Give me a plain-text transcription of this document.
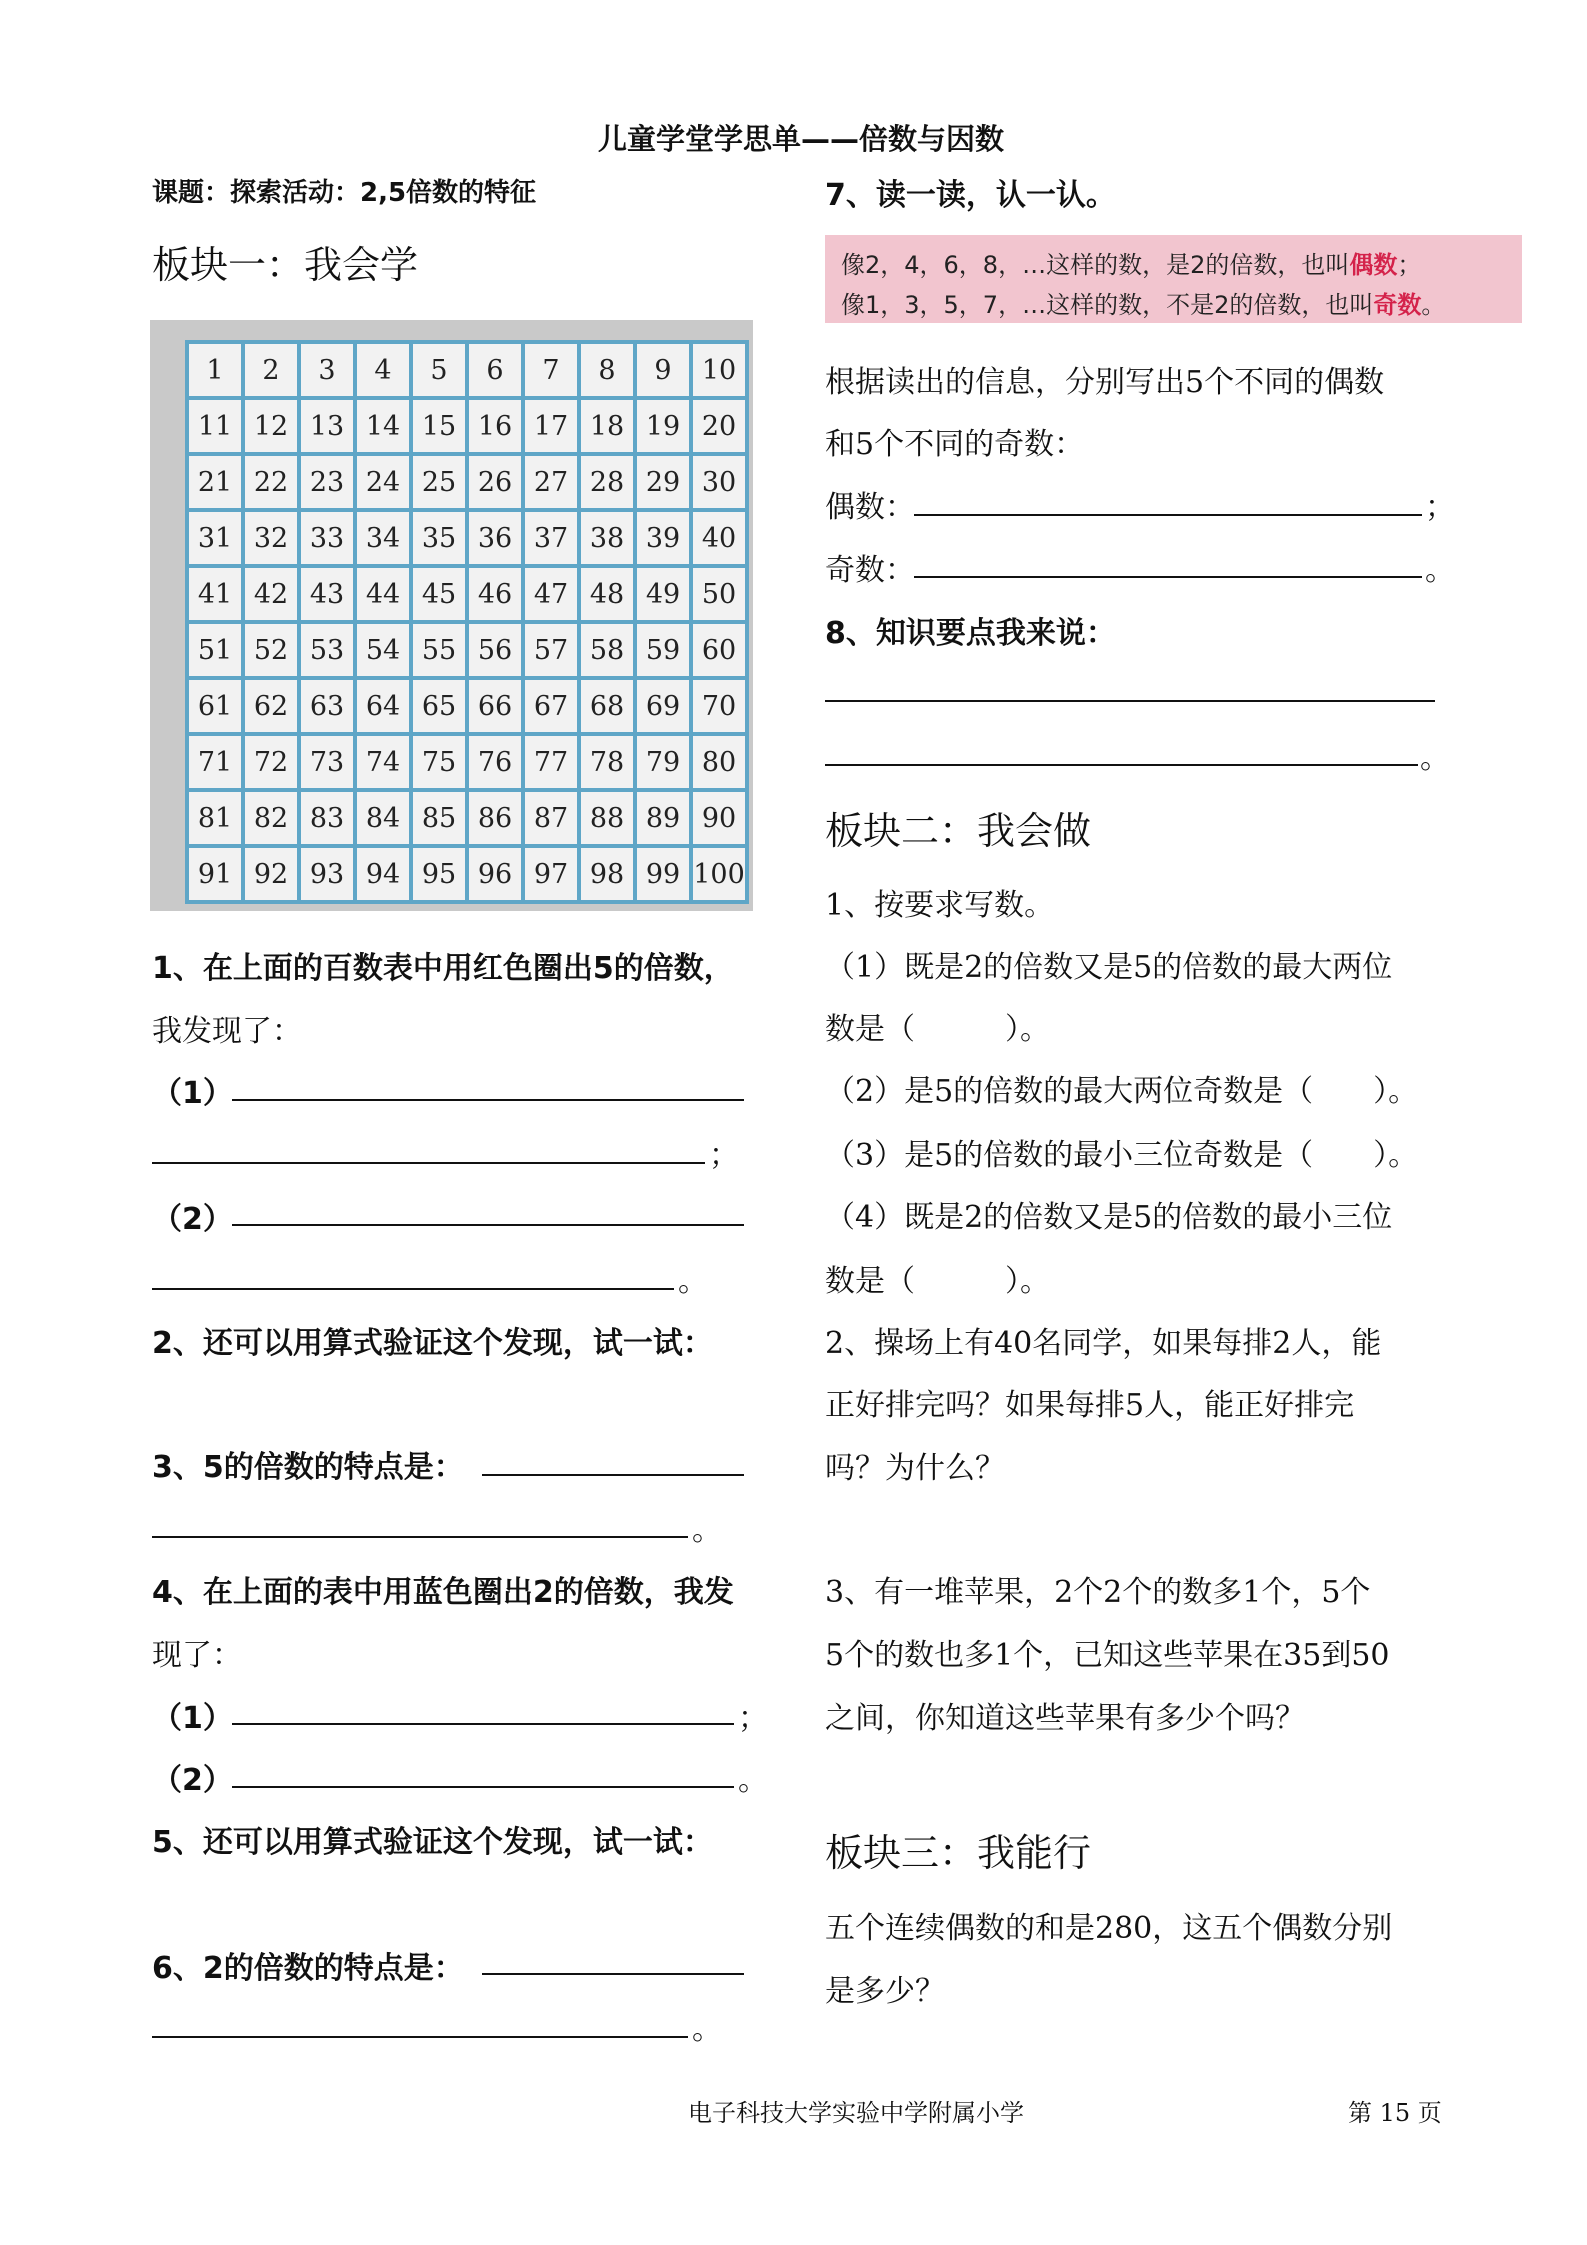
儿童学堂学思单——倍数与因数
课题：探索活动：2,5倍数的特征
板块一：我会学
1	2	3	4	5	6	7	8	9	10
11	12	13	14	15	16	17	18	19	20
21	22	23	24	25	26	27	28	29	30
31	32	33	34	35	36	37	38	39	40
41	42	43	44	45	46	47	48	49	50
51	52	53	54	55	56	57	58	59	60
61	62	63	64	65	66	67	68	69	70
71	72	73	74	75	76	77	78	79	80
81	82	83	84	85	86	87	88	89	90
91	92	93	94	95	96	97	98	99	100
1、在上面的百数表中用红色圈出5的倍数，
我发现了：
（1）
；
（2）
。
2、还可以用算式验证这个发现，试一试：
3、5的倍数的特点是：
。
4、在上面的表中用蓝色圈出2的倍数，我发
现了：
（1）	；
（2）	。
5、还可以用算式验证这个发现，试一试：
6、2的倍数的特点是：
。
7、读一读，认一认。
像2，4，6，8，…这样的数，是2的倍数，也叫偶数；
像1，3，5，7，…这样的数，不是2的倍数，也叫奇数。
根据读出的信息，分别写出5个不同的偶数
和5个不同的奇数：
偶数：	；
奇数：	。
8、知识要点我来说：
。
板块二：我会做
1、按要求写数。
（1）既是2的倍数又是5的倍数的最大两位
数是（　　　）。
（2）是5的倍数的最大两位奇数是（　　）。
（3）是5的倍数的最小三位奇数是（　　）。
（4）既是2的倍数又是5的倍数的最小三位
数是（　　　）。
2、操场上有40名同学，如果每排2人，能
正好排完吗？如果每排5人，能正好排完
吗？为什么？
3、有一堆苹果，2个2个的数多1个，5个
5个的数也多1个，已知这些苹果在35到50
之间，你知道这些苹果有多少个吗？
板块三：我能行
五个连续偶数的和是280，这五个偶数分别
是多少？
电子科技大学实验中学附属小学	第 15 页
